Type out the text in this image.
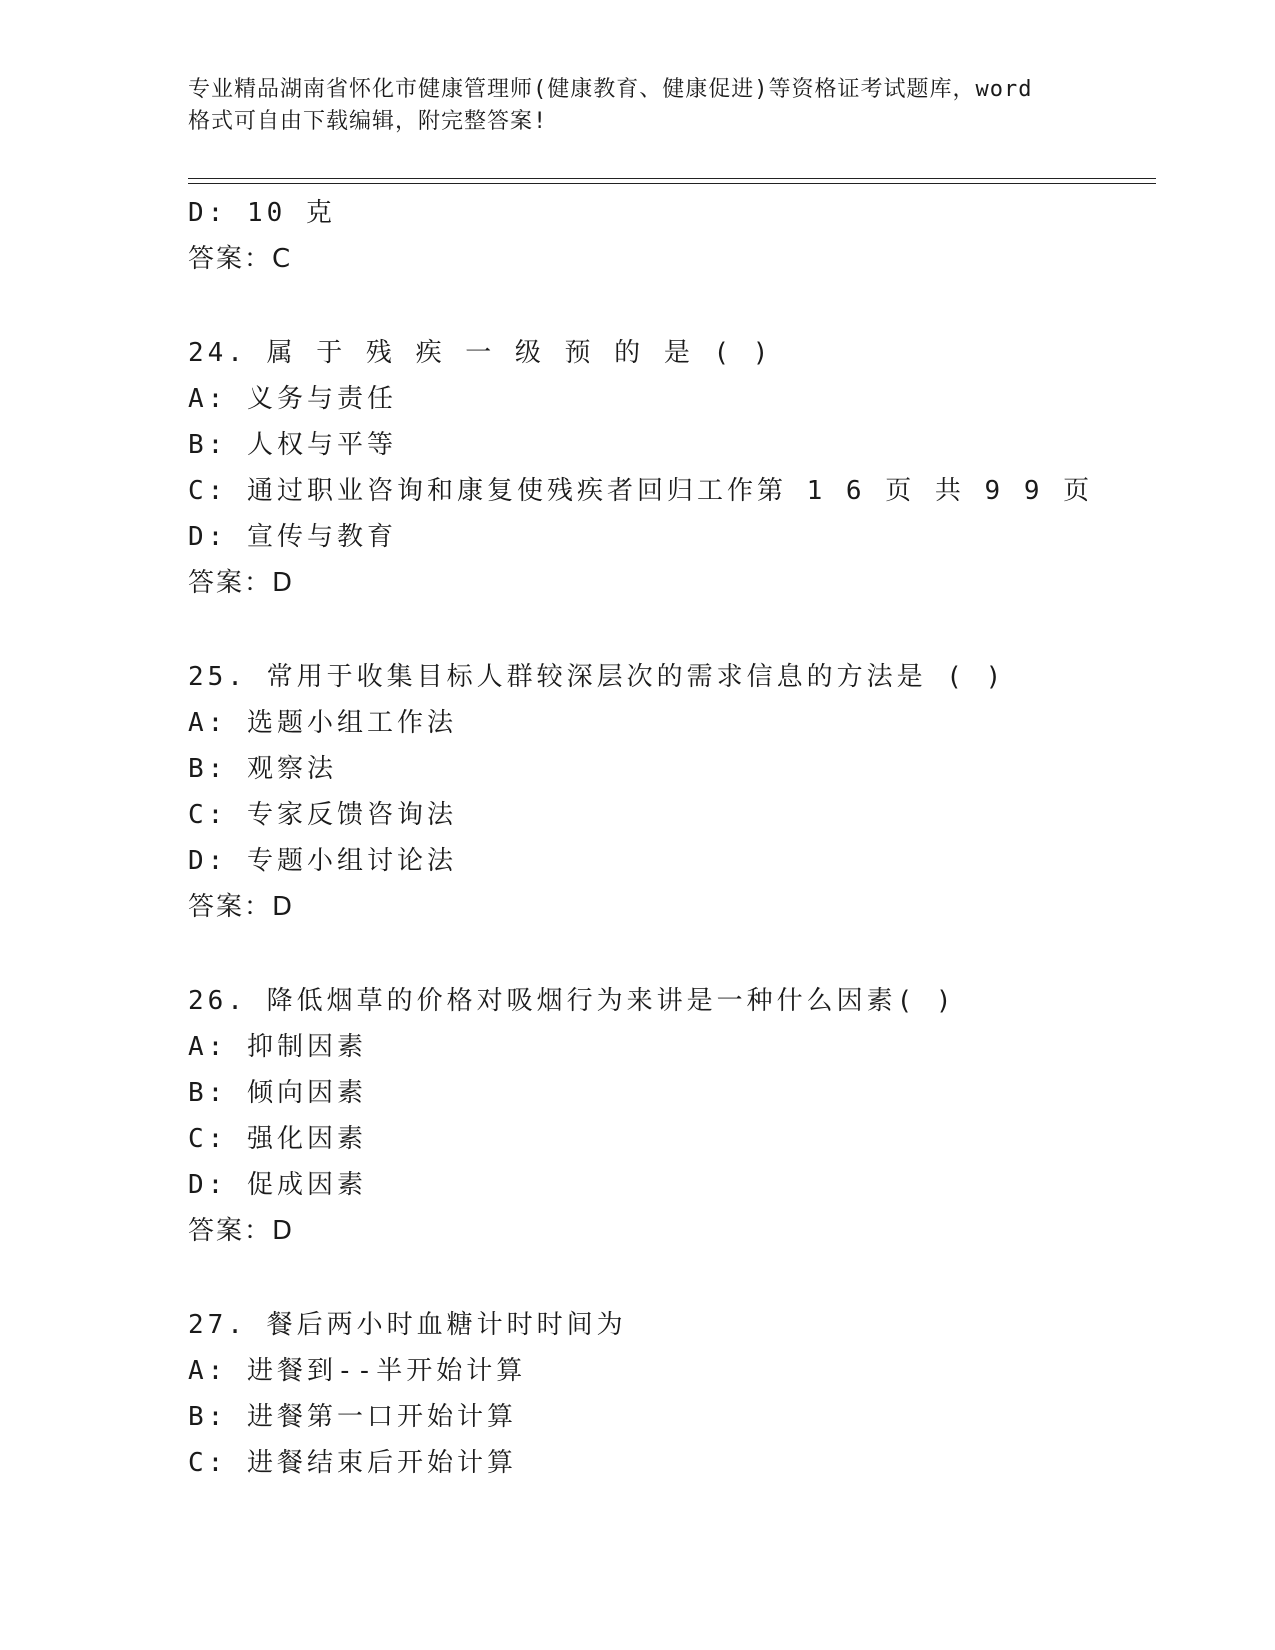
专业精品湖南省怀化市健康管理师(健康教育、健康促进)等资格证考试题库，word
格式可自由下载编辑，附完整答案!
D: 10 克
答案：C
24. 属 于 残 疾 一 级 预 的 是 ( )
A: 义务与责任
B: 人权与平等
C: 通过职业咨询和康复使残疾者回归工作第 1 6 页 共 9 9 页
D: 宣传与教育
答案：D
25. 常用于收集目标人群较深层次的需求信息的方法是 ( )
A: 选题小组工作法
B: 观察法
C: 专家反馈咨询法
D: 专题小组讨论法
答案：D
26. 降低烟草的价格对吸烟行为来讲是一种什么因素( )
A: 抑制因素
B: 倾向因素
C: 强化因素
D: 促成因素
答案：D
27. 餐后两小时血糖计时时间为
A: 进餐到--半开始计算
B: 进餐第一口开始计算
C: 进餐结束后开始计算
